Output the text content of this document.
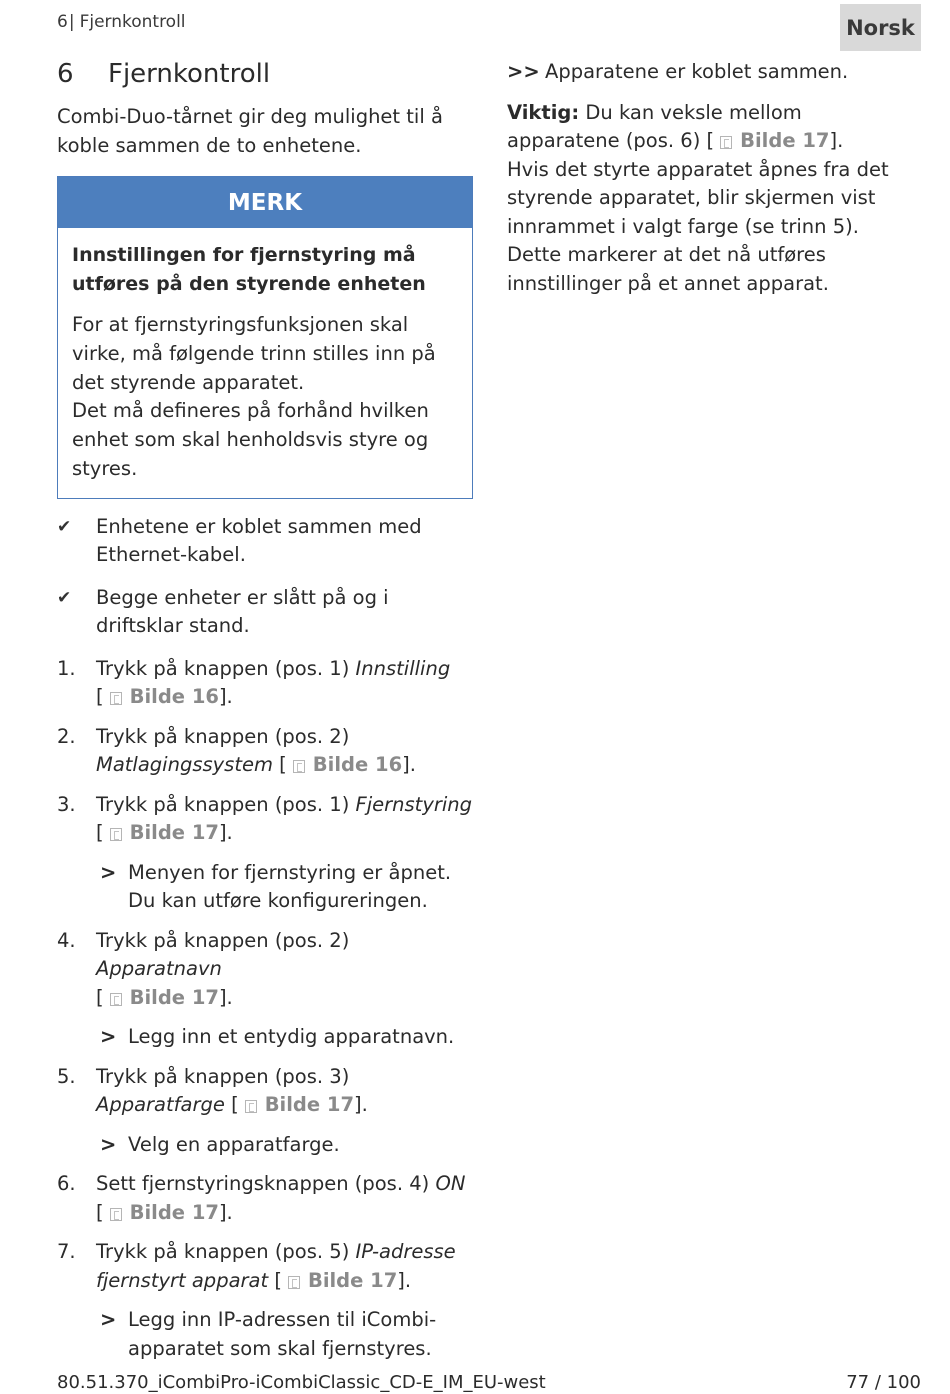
6| Fjernkontroll	Norsk
6 Fjernkontroll

Combi-Duo-tårnet gir deg mulighet til å koble sammen de to enhetene.

MERK
Innstillingen for fjernstyring må utføres på den styrende enheten
For at fjernstyringsfunksjonen skal virke, må følgende trinn stilles inn på det styrende apparatet.
Det må defineres på forhånd hvilken enhet som skal henholdsvis styre og styres.
✔	Enhetene er koblet sammen med Ethernet-kabel.
✔	Begge enheter er slått på og i driftsklar stand.
1.	Trykk på knappen (pos. 1) Innstilling
[ Bilde 16].
2.	Trykk på knappen (pos. 2)
Matlagingssystem [ Bilde 16].
3.	Trykk på knappen (pos. 1) Fjernstyring
[ Bilde 17].
> Menyen for fjernstyring er åpnet.
Du kan utføre konfigureringen.
4.	Trykk på knappen (pos. 2) Apparatnavn
[ Bilde 17].
> Legg inn et entydig apparatnavn.
5.	Trykk på knappen (pos. 3)
Apparatfarge [ Bilde 17].
> Velg en apparatfarge.
6.	Sett fjernstyringsknappen (pos. 4) ON
[ Bilde 17].
7.	Trykk på knappen (pos. 5) IP-adresse fjernstyrt apparat [ Bilde 17].
> Legg inn IP-adressen til iCombi-apparatet som skal fjernstyres.
>> Apparatene er koblet sammen.

Viktig: Du kan veksle mellom apparatene (pos. 6) [ Bilde 17].

Hvis det styrte apparatet åpnes fra det styrende apparatet, blir skjermen vist innrammet i valgt farge (se trinn 5). Dette markerer at det nå utføres innstillinger på et annet apparat.

80.51.370_iCombiPro-iCombiClassic_CD-E_IM_EU-west	77 / 100
